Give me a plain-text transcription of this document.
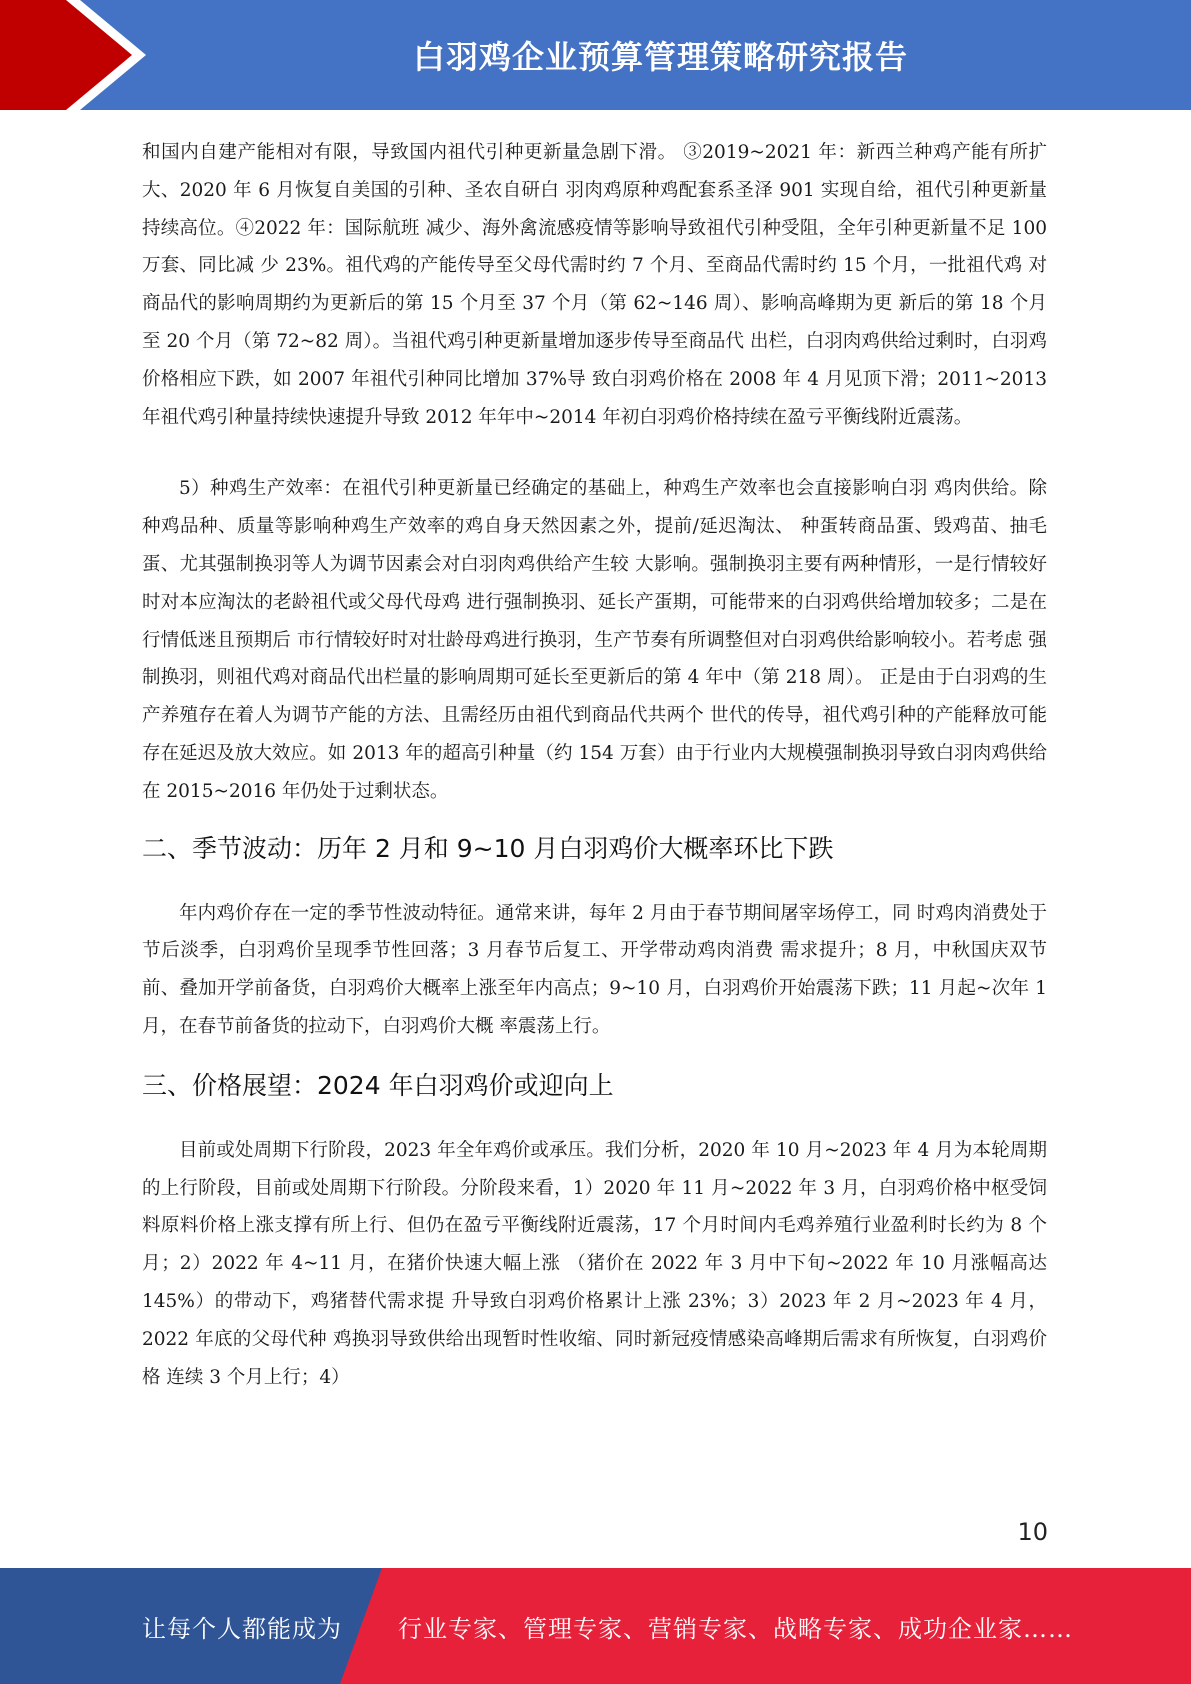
白羽鸡企业预算管理策略研究报告

和国内自建产能相对有限，导致国内祖代引种更新量急剧下滑。 ③2019~2021 年：新西兰种鸡产能有所扩大、2020 年 6 月恢复自美国的引种、圣农自研白 羽肉鸡原种鸡配套系圣泽 901 实现自给，祖代引种更新量持续高位。④2022 年：国际航班 减少、海外禽流感疫情等影响导致祖代引种受阻，全年引种更新量不足 100 万套、同比减 少 23%。祖代鸡的产能传导至父母代需时约 7 个月、至商品代需时约 15 个月，一批祖代鸡 对商品代的影响周期约为更新后的第 15 个月至 37 个月（第 62~146 周）、影响高峰期为更 新后的第 18 个月至 20 个月（第 72~82 周）。当祖代鸡引种更新量增加逐步传导至商品代 出栏，白羽肉鸡供给过剩时，白羽鸡价格相应下跌，如 2007 年祖代引种同比增加 37%导 致白羽鸡价格在 2008 年 4 月见顶下滑；2011~2013 年祖代鸡引种量持续快速提升导致 2012 年年中~2014 年初白羽鸡价格持续在盈亏平衡线附近震荡。

5）种鸡生产效率：在祖代引种更新量已经确定的基础上，种鸡生产效率也会直接影响白羽 鸡肉供给。除种鸡品种、质量等影响种鸡生产效率的鸡自身天然因素之外，提前/延迟淘汰、 种蛋转商品蛋、毁鸡苗、抽毛蛋、尤其强制换羽等人为调节因素会对白羽肉鸡供给产生较 大影响。强制换羽主要有两种情形，一是行情较好时对本应淘汰的老龄祖代或父母代母鸡 进行强制换羽、延长产蛋期，可能带来的白羽鸡供给增加较多；二是在行情低迷且预期后 市行情较好时对壮龄母鸡进行换羽，生产节奏有所调整但对白羽鸡供给影响较小。若考虑 强制换羽，则祖代鸡对商品代出栏量的影响周期可延长至更新后的第 4 年中（第 218 周）。 正是由于白羽鸡的生产养殖存在着人为调节产能的方法、且需经历由祖代到商品代共两个 世代的传导，祖代鸡引种的产能释放可能存在延迟及放大效应。如 2013 年的超高引种量（约 154 万套）由于行业内大规模强制换羽导致白羽肉鸡供给在 2015~2016 年仍处于过剩状态。

二、季节波动：历年 2 月和 9~10 月白羽鸡价大概率环比下跌

年内鸡价存在一定的季节性波动特征。通常来讲，每年 2 月由于春节期间屠宰场停工，同 时鸡肉消费处于节后淡季，白羽鸡价呈现季节性回落；3 月春节后复工、开学带动鸡肉消费 需求提升；8 月，中秋国庆双节前、叠加开学前备货，白羽鸡价大概率上涨至年内高点；9~10 月，白羽鸡价开始震荡下跌；11 月起~次年 1 月，在春节前备货的拉动下，白羽鸡价大概 率震荡上行。

三、价格展望：2024 年白羽鸡价或迎向上

目前或处周期下行阶段，2023 年全年鸡价或承压。我们分析，2020 年 10 月~2023 年 4 月为本轮周期的上行阶段，目前或处周期下行阶段。分阶段来看，1）2020 年 11 月~2022 年 3 月，白羽鸡价格中枢受饲料原料价格上涨支撑有所上行、但仍在盈亏平衡线附近震荡，17 个月时间内毛鸡养殖行业盈利时长约为 8 个月；2）2022 年 4~11 月，在猪价快速大幅上涨 （猪价在 2022 年 3 月中下旬~2022 年 10 月涨幅高达 145%）的带动下，鸡猪替代需求提 升导致白羽鸡价格累计上涨 23%；3）2023 年 2 月~2023 年 4 月，2022 年底的父母代种 鸡换羽导致供给出现暂时性收缩、同时新冠疫情感染高峰期后需求有所恢复，白羽鸡价格 连续 3 个月上行；4）

10
让每个人都能成为 行业专家、管理专家、营销专家、战略专家、成功企业家……
